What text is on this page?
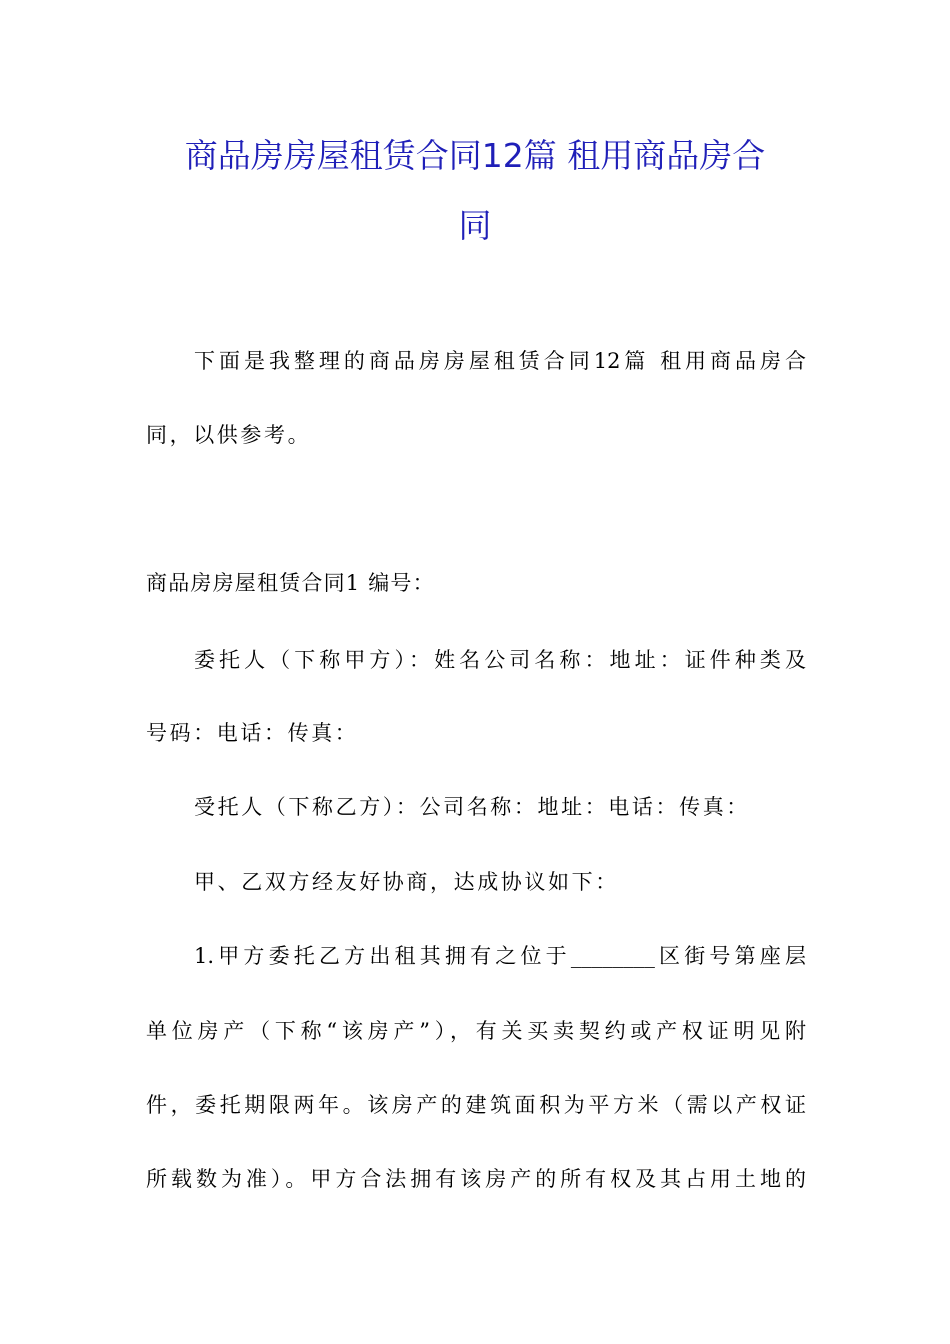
商品房房屋租赁合同12篇 租用商品房合
同
下面是我整理的商品房房屋租赁合同12篇 租用商品房合
同，以供参考。
商品房房屋租赁合同1 编号：
委托人（下称甲方）：姓名公司名称：地址：证件种类及
号码：电话：传真：
受托人（下称乙方）：公司名称：地址：电话：传真：
甲、乙双方经友好协商，达成协议如下：
1.甲方委托乙方出租其拥有之位于________区街号第座层
单位房产（下称“该房产”），有关买卖契约或产权证明见附
件，委托期限两年。该房产的建筑面积为平方米（需以产权证
所载数为准）。甲方合法拥有该房产的所有权及其占用土地的
